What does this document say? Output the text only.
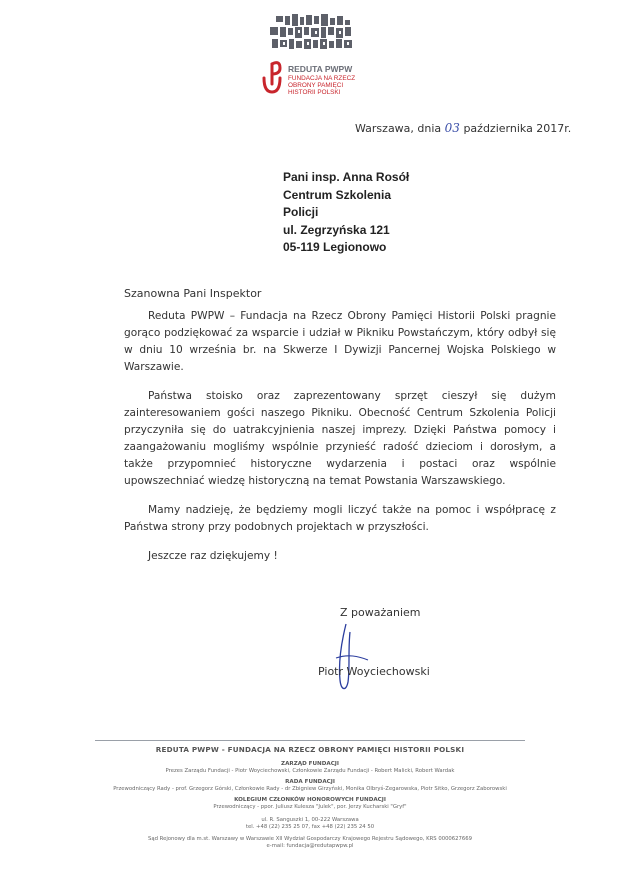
REDUTA PWPW
FUNDACJA NA RZECZ
OBRONY PAMIĘCI
HISTORII POLSKI
Warszawa, dnia 03 października 2017r.
Pani insp. Anna Rosół
Centrum Szkolenia
Policji
ul. Zegrzyńska 121
05-119 Legionowo
Szanowna Pani Inspektor

Reduta PWPW – Fundacja na Rzecz Obrony Pamięci Historii Polski pragnie gorąco podziękować za wsparcie i udział w Pikniku Powstańczym, który odbył się w dniu 10 września br. na Skwerze I Dywizji Pancernej Wojska Polskiego w Warszawie.

Państwa stoisko oraz zaprezentowany sprzęt cieszył się dużym zainteresowaniem gości naszego Pikniku. Obecność Centrum Szkolenia Policji przyczyniła się do uatrakcyjnienia naszej imprezy. Dzięki Państwa pomocy i zaangażowaniu mogliśmy wspólnie przynieść radość dzieciom i dorosłym, a także przypomnieć historyczne wydarzenia i postaci oraz wspólnie upowszechniać wiedzę historyczną na temat Powstania Warszawskiego.

Mamy nadzieję, że będziemy mogli liczyć także na pomoc i współpracę z Państwa strony przy podobnych projektach w przyszłości.

Jeszcze raz dziękujemy !

Z poważaniem
Piotr Woyciechowski
REDUTA PWPW - FUNDACJA NA RZECZ OBRONY PAMIĘCI HISTORII POLSKI
ZARZĄD FUNDACJI
Prezes Zarządu Fundacji - Piotr Woyciechowski, Członkowie Zarządu Fundacji - Robert Malicki, Robert Wardak
RADA FUNDACJI
Przewodniczący Rady - prof. Grzegorz Górski, Członkowie Rady - dr Zbigniew Girzyński, Monika Olbryś-Zegarowska, Piotr Sitko, Grzegorz Zaborowski
KOLEGIUM CZŁONKÓW HONOROWYCH FUNDACJI
Przewodniczący - ppor. Juliusz Kulesza "Julek", por. Jerzy Kucharski "Gryf"
ul. R. Sanguszki 1, 00-222 Warszawa
tel. +48 (22) 235 25 07, fax +48 (22) 235 24 50
Sąd Rejonowy dla m.st. Warszawy w Warszawie XII Wydział Gospodarczy Krajowego Rejestru Sądowego, KRS 0000627669
e-mail: fundacja@redutapwpw.pl
